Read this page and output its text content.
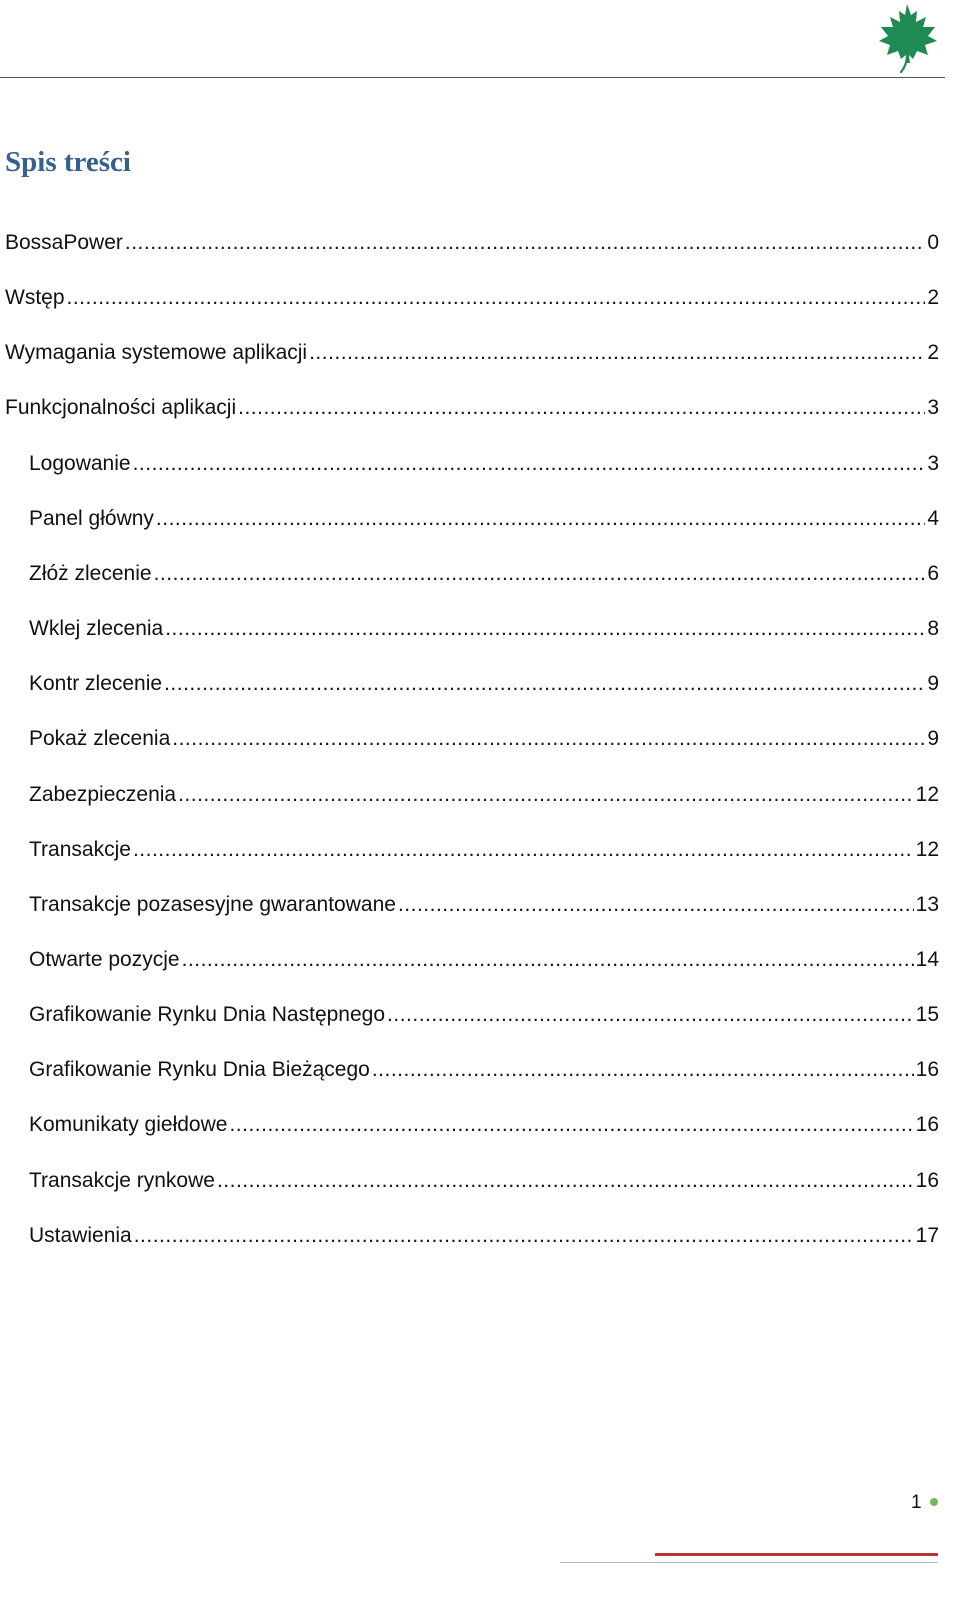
Spis treści
BossaPower .....	0
Wstęp .....	2
Wymagania systemowe aplikacji .....	2
Funkcjonalności aplikacji .....	3
Logowanie .....	3
Panel główny .....	4
Złóż zlecenie .....	6
Wklej zlecenia .....	8
Kontr zlecenie .....	9
Pokaż zlecenia .....	9
Zabezpieczenia .....	12
Transakcje .....	12
Transakcje pozasesyjne gwarantowane .....	13
Otwarte pozycje .....	14
Grafikowanie Rynku Dnia Następnego .....	15
Grafikowanie Rynku Dnia Bieżącego .....	16
Komunikaty giełdowe .....	16
Transakcje rynkowe .....	16
Ustawienia .....	17
1
